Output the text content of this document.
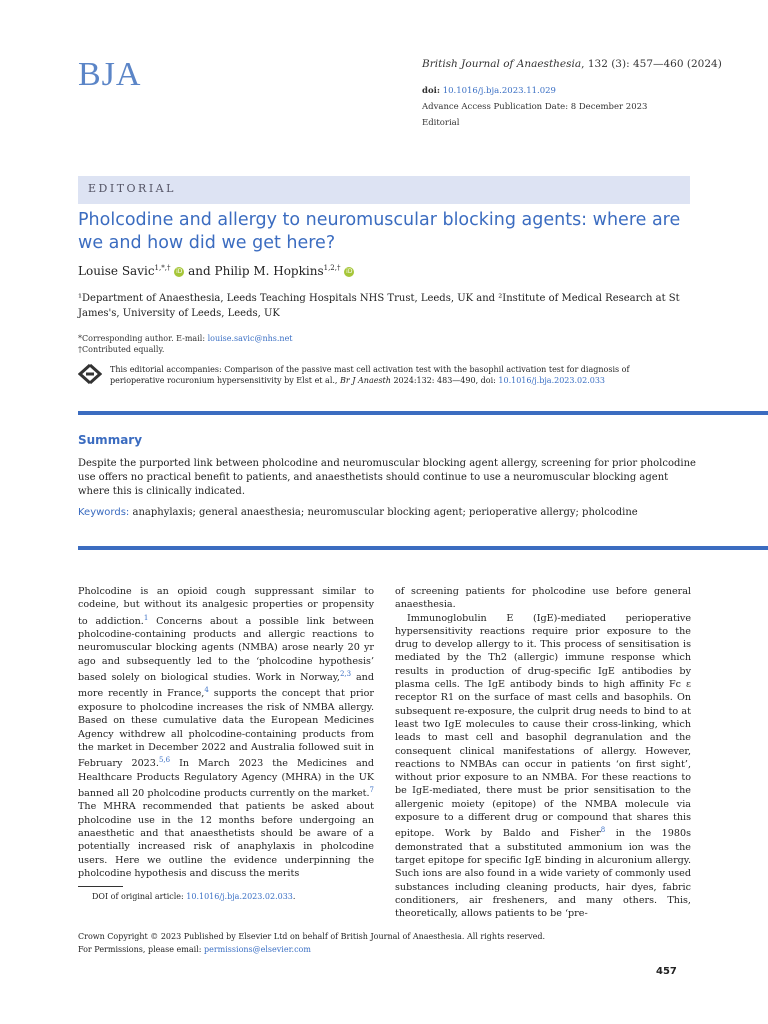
BJA	British Journal of Anaesthesia, 132 (3): 457—460 (2024)
doi: 10.1016/j.bja.2023.11.029
Advance Access Publication Date: 8 December 2023
Editorial
EDITORIAL
Pholcodine and allergy to neuromuscular blocking agents: where are we and how did we get here?
Louise Savic$^{1,*,\dagger}$ iD and Philip M. Hopkins$^{1,2,\dagger}$ iD
¹Department of Anaesthesia, Leeds Teaching Hospitals NHS Trust, Leeds, UK and ²Institute of Medical Research at St James's, University of Leeds, Leeds, UK
*Corresponding author. E-mail: louise.savic@nhs.net
†Contributed equally.
This editorial accompanies: Comparison of the passive mast cell activation test with the basophil activation test for diagnosis of perioperative rocuronium hypersensitivity by Elst et al., Br J Anaesth 2024:132: 483—490, doi: 10.1016/j.bja.2023.02.033
Summary
Despite the purported link between pholcodine and neuromuscular blocking agent allergy, screening for prior pholcodine use offers no practical benefit to patients, and anaesthetists should continue to use a neuromuscular blocking agent where this is clinically indicated.
Keywords: anaphylaxis; general anaesthesia; neuromuscular blocking agent; perioperative allergy; pholcodine

Pholcodine is an opioid cough suppressant similar to codeine, but without its analgesic properties or propensity to addiction.$^1$ Concerns about a possible link between pholcodine-containing products and allergic reactions to neuromuscular blocking agents (NMBA) arose nearly 20 yr ago and subsequently led to the ‘pholcodine hypothesis’ based solely on biological studies. Work in Norway,$^{2,3}$ and more recently in France,$^4$ supports the concept that prior exposure to pholcodine increases the risk of NMBA allergy. Based on these cumulative data the European Medicines Agency withdrew all pholcodine-containing products from the market in December 2022 and Australia followed suit in February 2023.$^{5,6}$ In March 2023 the Medicines and Healthcare Products Regulatory Agency (MHRA) in the UK banned all 20 pholcodine products currently on the market.$^7$ The MHRA recommended that patients be asked about pholcodine use in the 12 months before undergoing an anaesthetic and that anaesthetists should be aware of a potentially increased risk of anaphylaxis in pholcodine users. Here we outline the evidence underpinning the pholcodine hypothesis and discuss the merits

of screening patients for pholcodine use before general anaesthesia.

Immunoglobulin E (IgE)-mediated perioperative hypersensitivity reactions require prior exposure to the drug to develop allergy to it. This process of sensitisation is mediated by the Th2 (allergic) immune response which results in production of drug-specific IgE antibodies by plasma cells. The IgE antibody binds to high affinity Fc ε receptor R1 on the surface of mast cells and basophils. On subsequent re-exposure, the culprit drug needs to bind to at least two IgE molecules to cause their cross-linking, which leads to mast cell and basophil degranulation and the consequent clinical manifestations of allergy. However, reactions to NMBAs can occur in patients ‘on first sight’, without prior exposure to an NMBA. For these reactions to be IgE-mediated, there must be prior sensitisation to the allergenic moiety (epitope) of the NMBA molecule via exposure to a different drug or compound that shares this epitope. Work by Baldo and Fisher$^8$ in the 1980s demonstrated that a substituted ammonium ion was the target epitope for specific IgE binding in alcuronium allergy. Such ions are also found in a wide variety of commonly used substances including cleaning products, hair dyes, fabric conditioners, air fresheners, and many others. This, theoretically, allows patients to be ‘pre-

DOI of original article: 10.1016/j.bja.2023.02.033.
Crown Copyright © 2023 Published by Elsevier Ltd on behalf of British Journal of Anaesthesia. All rights reserved.
For Permissions, please email: permissions@elsevier.com
457
